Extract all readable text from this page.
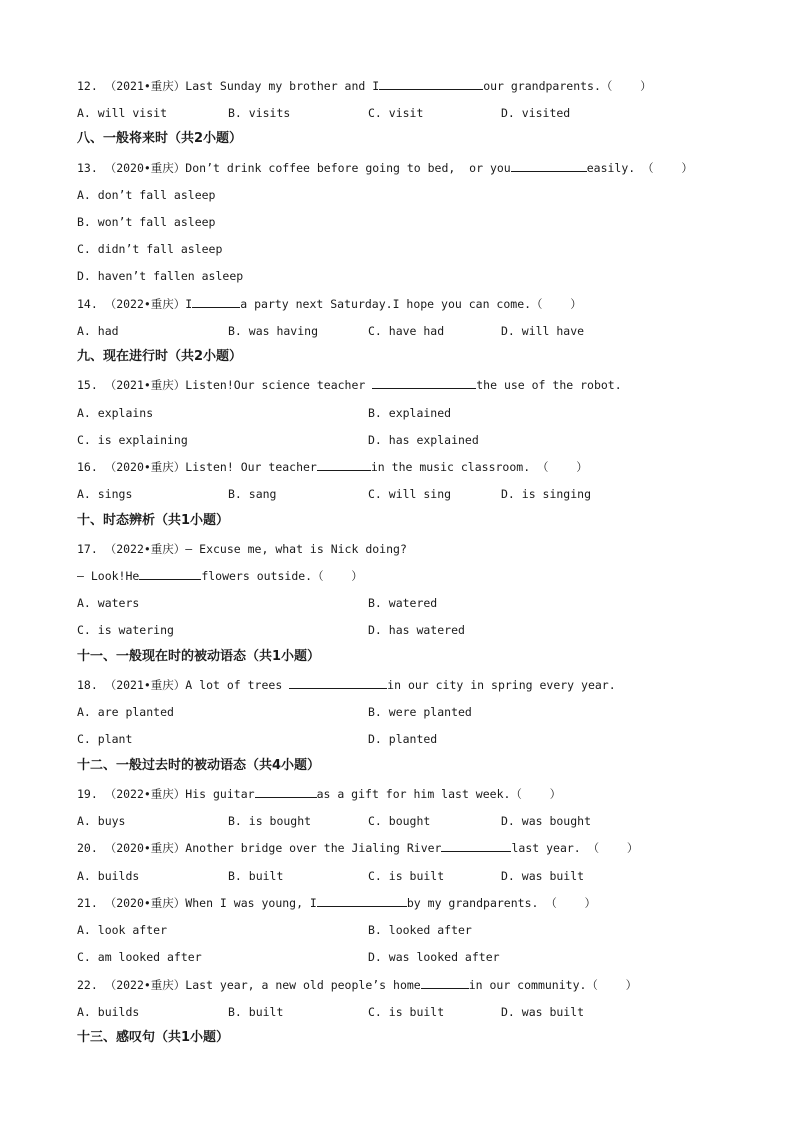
12. （2021•重庆）Last Sunday my brother and I	our grandparents.（    ）
A. will visit	B. visits	C. visit	D. visited
八、一般将来时（共2小题）
13. （2020•重庆）Don’t drink coffee before going to bed,  or you	easily. （    ）
A. don’t fall asleep
B. won’t fall asleep
C. didn’t fall asleep
D. haven’t fallen asleep
14. （2022•重庆）I	a party next Saturday.I hope you can come.（    ）
A. had	B. was having	C. have had	D. will have
九、现在进行时（共2小题）
15. （2021•重庆）Listen!Our science teacher	the use of the robot.
A. explains	B. explained
C. is explaining	D. has explained
16. （2020•重庆）Listen! Our teacher	in the music classroom. （    ）
A. sings	B. sang	C. will sing	D. is singing
十、时态辨析（共1小题）
17. （2022•重庆）– Excuse me, what is Nick doing?
– Look!He	flowers outside.（    ）
A. waters	B. watered
C. is watering	D. has watered
十一、一般现在时的被动语态（共1小题）
18. （2021•重庆）A lot of trees	in our city in spring every year.
A. are planted	B. were planted
C. plant	D. planted
十二、一般过去时的被动语态（共4小题）
19. （2022•重庆）His guitar	as a gift for him last week.（    ）
A. buys	B. is bought	C. bought	D. was bought
20. （2020•重庆）Another bridge over the Jialing River	last year. （    ）
A. builds	B. built	C. is built	D. was built
21. （2020•重庆）When I was young, I	by my grandparents. （    ）
A. look after	B. looked after
C. am looked after	D. was looked after
22. （2022•重庆）Last year, a new old people’s home	in our community.（    ）
A. builds	B. built	C. is built	D. was built
十三、感叹句（共1小题）
